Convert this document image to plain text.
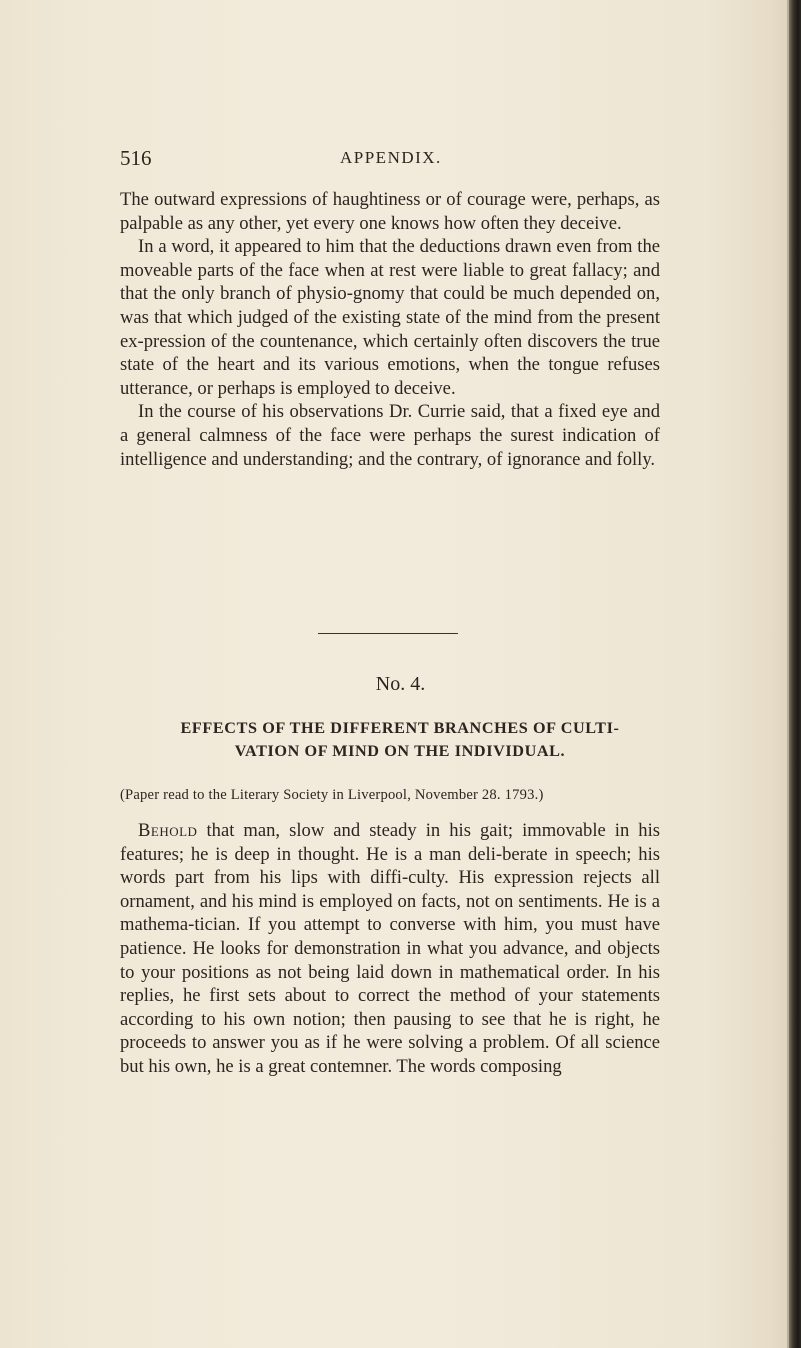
516	APPENDIX.

The outward expressions of haughtiness or of courage were, perhaps, as palpable as any other, yet every one knows how often they deceive.

In a word, it appeared to him that the deductions drawn even from the moveable parts of the face when at rest were liable to great fallacy; and that the only branch of physio-gnomy that could be much depended on, was that which judged of the existing state of the mind from the present ex-pression of the countenance, which certainly often discovers the true state of the heart and its various emotions, when the tongue refuses utterance, or perhaps is employed to deceive.

In the course of his observations Dr. Currie said, that a fixed eye and a general calmness of the face were perhaps the surest indication of intelligence and understanding; and the contrary, of ignorance and folly.

No. 4.
EFFECTS OF THE DIFFERENT BRANCHES OF CULTI-
VATION OF MIND ON THE INDIVIDUAL.
(Paper read to the Literary Society in Liverpool, November 28. 1793.)

Behold that man, slow and steady in his gait; immovable in his features; he is deep in thought. He is a man deli-berate in speech; his words part from his lips with diffi-culty. His expression rejects all ornament, and his mind is employed on facts, not on sentiments. He is a mathema-tician. If you attempt to converse with him, you must have patience. He looks for demonstration in what you advance, and objects to your positions as not being laid down in mathematical order. In his replies, he first sets about to correct the method of your statements according to his own notion; then pausing to see that he is right, he proceeds to answer you as if he were solving a problem. Of all science but his own, he is a great contemner. The words composing
